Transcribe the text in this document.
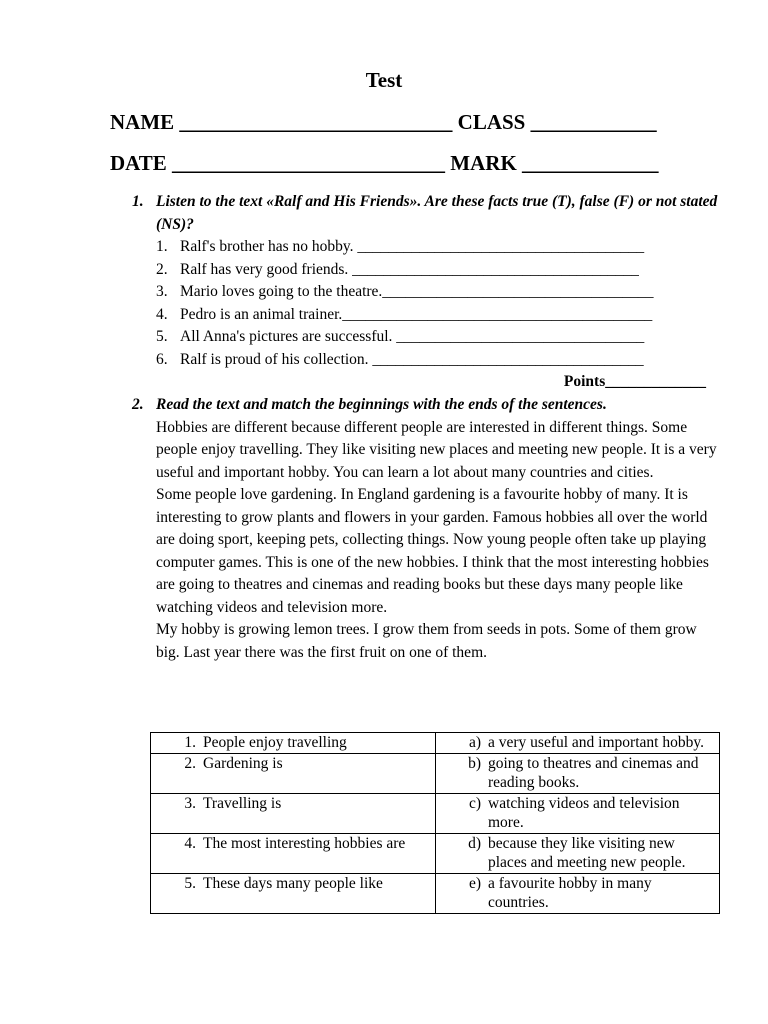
Test
NAME __________________________ CLASS ____________
DATE __________________________ MARK _____________
1. Listen to the text «Ralf and His Friends». Are these facts true (T), false (F) or not stated (NS)?
1. Ralf's brother has no hobby. _____________________________________
2. Ralf has very good friends. _____________________________________
3. Mario loves going to the theatre.___________________________________
4. Pedro is an animal trainer.________________________________________
5. All Anna's pictures are successful. ________________________________
6. Ralf is proud of his collection. ___________________________________
Points_____________
2. Read the text and match the beginnings with the ends of the sentences.

Hobbies are different because different people are interested in different things. Some people enjoy travelling. They like visiting new places and meeting new people. It is a very useful and important hobby. You can learn a lot about many countries and cities.

Some people love gardening. In England gardening is a favourite hobby of many. It is interesting to grow plants and flowers in your garden. Famous hobbies all over the world are doing sport, keeping pets, collecting things. Now young people often take up playing computer games. This is one of the new hobbies. I think that the most interesting hobbies are going to theatres and cinemas and reading books but these days many people like watching videos and television more.

My hobby is growing lemon trees. I grow them from seeds in pots. Some of them grow big. Last year there was the first fruit on one of them.

1. People enjoy travelling	a) a very useful and important hobby.

2. Gardening is	b) going to theatres and cinemas and reading books.

3. Travelling is	c) watching videos and television more.

4. The most interesting hobbies are	d) because they like visiting new places and meeting new people.

5. These days many people like	e) a favourite hobby in many countries.
